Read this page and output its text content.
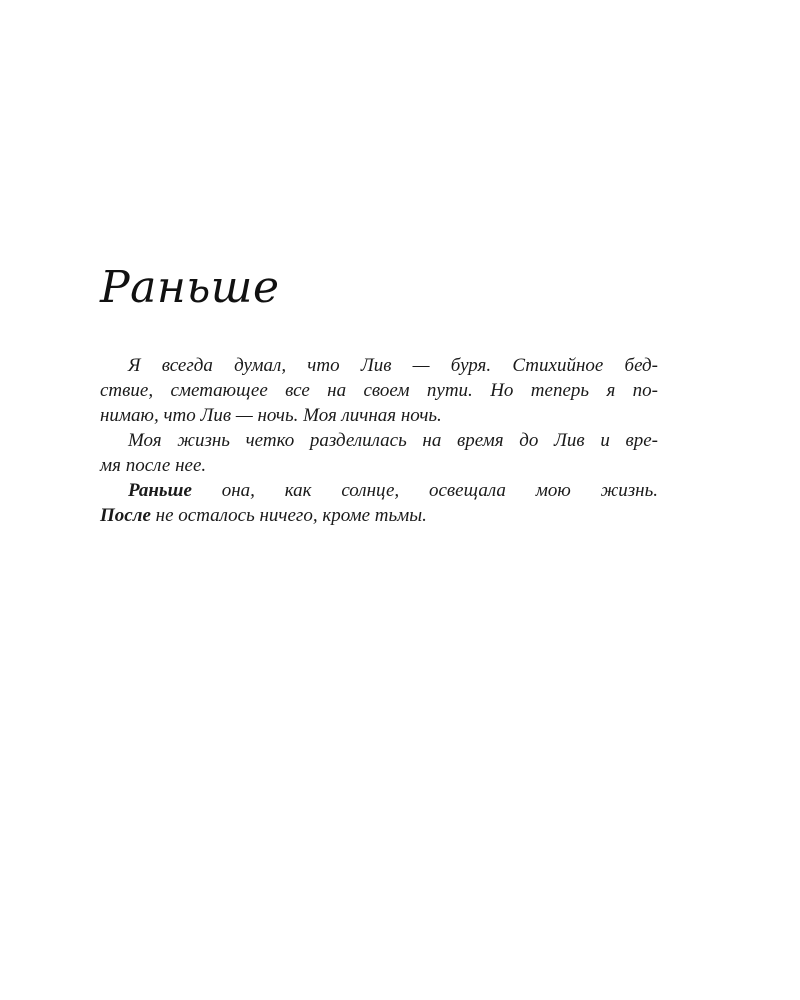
Раньше
Я всегда думал, что Лив — буря. Стихийное бед-
ствие, сметающее все на своем пути. Но теперь я по-
нимаю, что Лив — ночь. Моя личная ночь.
Моя жизнь четко разделилась на время до Лив и вре-
мя после нее.
Раньше она, как солнце, освещала мою жизнь.
После не осталось ничего, кроме тьмы.
